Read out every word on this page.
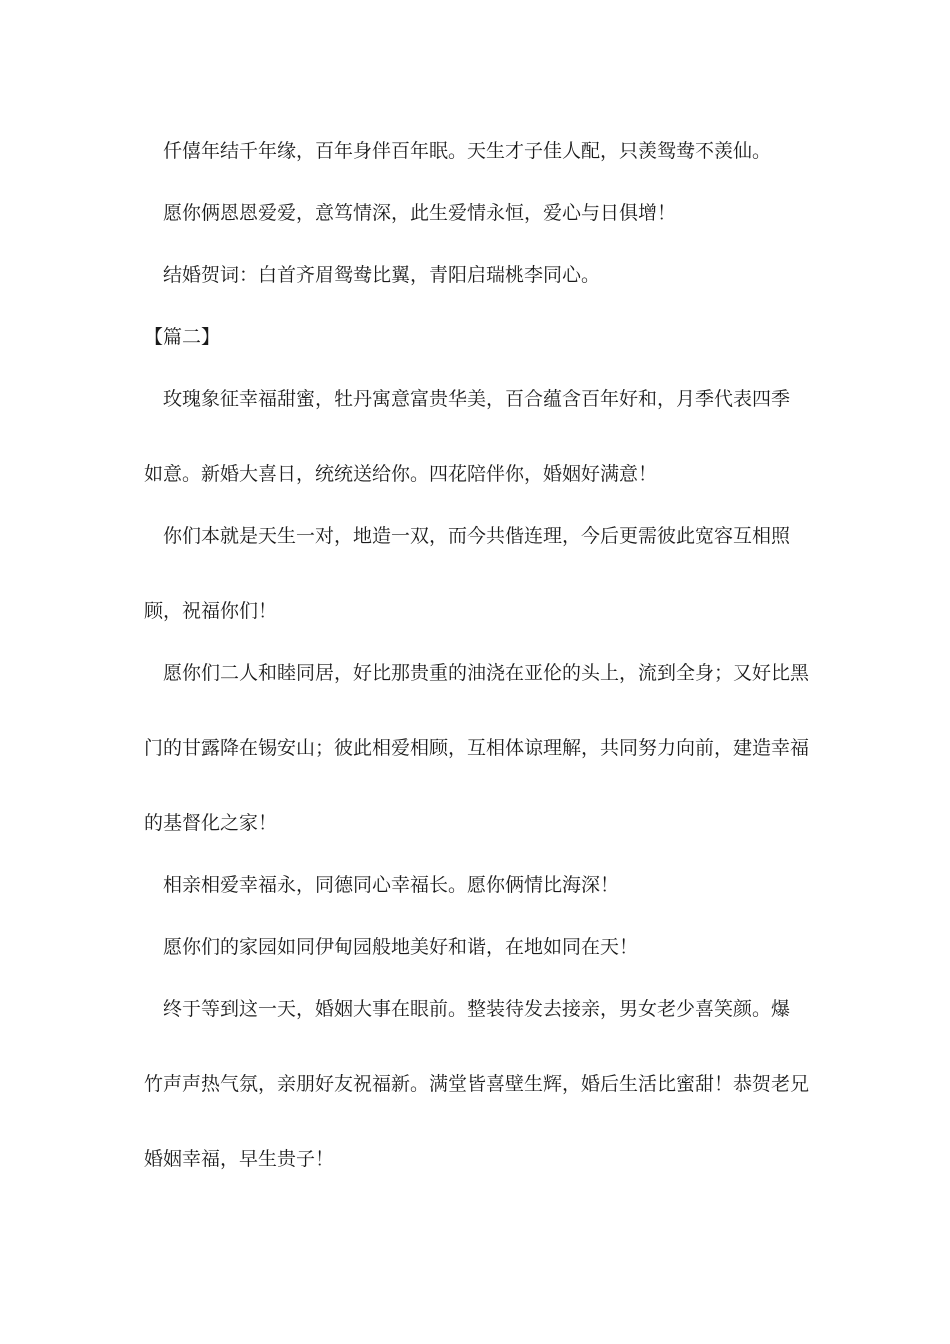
仟僖年结千年缘，百年身伴百年眠。天生才子佳人配，只羡鸳鸯不羡仙。
愿你俩恩恩爱爱，意笃情深，此生爱情永恒，爱心与日俱增！
结婚贺词：白首齐眉鸳鸯比翼，青阳启瑞桃李同心。
【篇二】
玫瑰象征幸福甜蜜，牡丹寓意富贵华美，百合蕴含百年好和，月季代表四季
如意。新婚大喜日，统统送给你。四花陪伴你，婚姻好满意！
你们本就是天生一对，地造一双，而今共偕连理，今后更需彼此宽容互相照
顾，祝福你们！
愿你们二人和睦同居，好比那贵重的油浇在亚伦的头上，流到全身；又好比黑
门的甘露降在锡安山；彼此相爱相顾，互相体谅理解，共同努力向前，建造幸福
的基督化之家！
相亲相爱幸福永，同德同心幸福长。愿你俩情比海深！
愿你们的家园如同伊甸园般地美好和谐，在地如同在天！
终于等到这一天，婚姻大事在眼前。整装待发去接亲，男女老少喜笑颜。爆
竹声声热气氛，亲朋好友祝福新。满堂皆喜壁生辉，婚后生活比蜜甜！恭贺老兄
婚姻幸福，早生贵子！
